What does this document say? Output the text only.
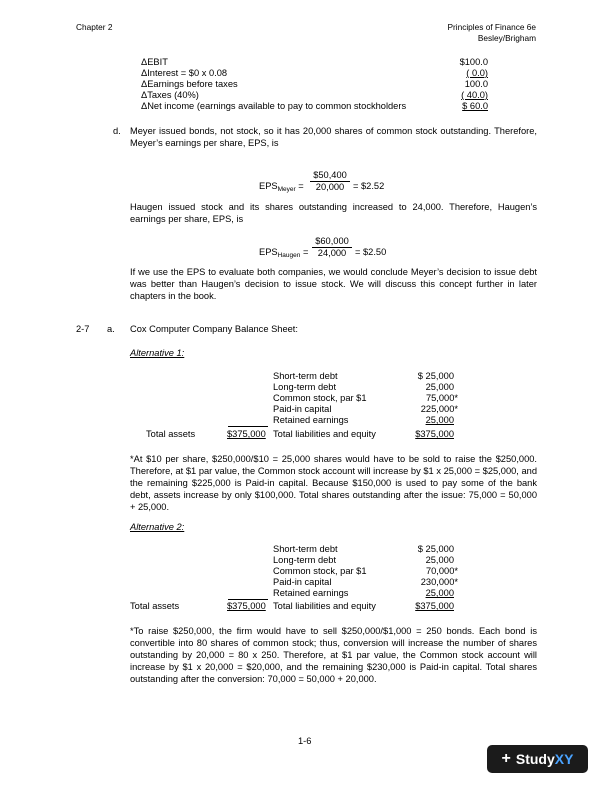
Chapter 2	Principles of Finance 6e
Besley/Brigham
ΔEBIT	$100.0
ΔInterest = $0 x 0.08	( 0.0)
ΔEarnings before taxes	100.0
ΔTaxes (40%)	( 40.0)
ΔNet income (earnings available to pay to common stockholders	$ 60.0
d. Meyer issued bonds, not stock, so it has 20,000 shares of common stock outstanding. Therefore, Meyer’s earnings per share, EPS, is
$EPS_{Meyer}$ =
$50,400
20,000 = $2.52
Haugen issued stock and its shares outstanding increased to 24,000. Therefore, Haugen’s earnings per share, EPS, is
$EPS_{Haugen}$ =
$60,000
24,000 = $2.50
If we use the EPS to evaluate both companies, we would conclude Meyer’s decision to issue debt was better than Haugen’s decision to issue stock. We will discuss this concept further in later chapters in the book.
2-7 a. Cox Computer Company Balance Sheet:
Alternative 1:
Short-term debt	$ 25,000
Long-term debt	25,000
Common stock, par $1	75,000*
Paid-in capital	225,000*
Retained earnings	25,000
Total assets	$375,000 Total liabilities and equity	$375,000
*At $10 per share, $250,000/$10 = 25,000 shares would have to be sold to raise the $250,000. Therefore, at $1 par value, the Common stock account will increase by $1 x 25,000 = $25,000, and the remaining $225,000 is Paid-in capital. Because $150,000 is used to pay some of the bank debt, assets increase by only $100,000. Total shares outstanding after the issue: 75,000 = 50,000 + 25,000.
Alternative 2:
Short-term debt	$ 25,000
Long-term debt	25,000
Common stock, par $1	70,000*
Paid-in capital	230,000*
Retained earnings	25,000
Total assets	$375,000 Total liabilities and equity	$375,000
*To raise $250,000, the firm would have to sell $250,000/$1,000 = 250 bonds. Each bond is convertible into 80 shares of common stock; thus, conversion will increase the number of shares outstanding by 20,000 = 80 x 250. Therefore, at $1 par value, the Common stock account will increase by $1 x 20,000 = $20,000, and the remaining $230,000 is Paid-in capital. Total shares outstanding after the conversion: 70,000 = 50,000 + 20,000.
1-6
+ Study XY
